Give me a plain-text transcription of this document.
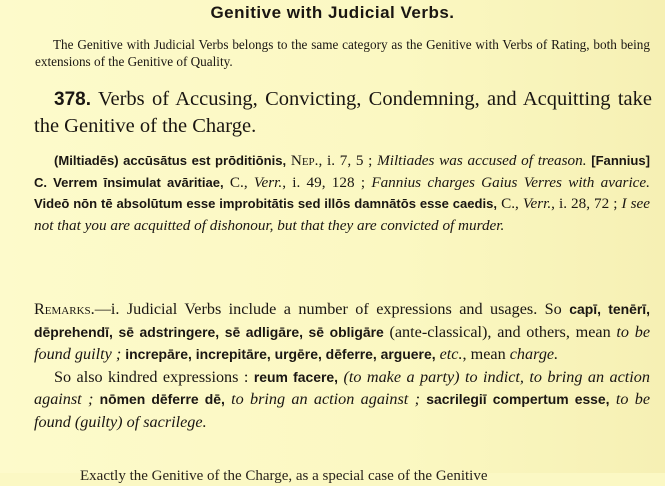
Genitive with Judicial Verbs.
The Genitive with Judicial Verbs belongs to the same category as the Genitive with Verbs of Rating, both being extensions of the Genitive of Quality.
378. Verbs of Accusing, Convicting, Condemning, and Acquitting take the Genitive of the Charge.
(Miltiadēs) accūsātus est prōditiōnis, Nep., i. 7, 5 ; Miltiades was accused of treason. [Fannius] C. Verrem īnsimulat avāritiae, C., Verr., i. 49, 128 ; Fannius charges Gaius Verres with avarice. Videō nōn tē absolūtum esse improbitātis sed illōs damnātōs esse caedis, C., Verr., i. 28, 72 ; I see not that you are acquitted of dishonour, but that they are convicted of murder.
Remarks.—i. Judicial Verbs include a number of expressions and usages. So capī, tenērī, dēprehendī, sē adstringere, sē adligāre, sē obligāre (ante-classical), and others, mean to be found guilty ; increpāre, increpitāre, urgēre, dēferre, arguere, etc., mean charge.
So also kindred expressions : reum facere, (to make a party) to indict, to bring an action against ; nōmen dēferre dē, to bring an action against ; sacrilegiī compertum esse, to be found (guilty) of sacrilege.
Exactly the Genitive of the Charge, as a special case of the Genitive
